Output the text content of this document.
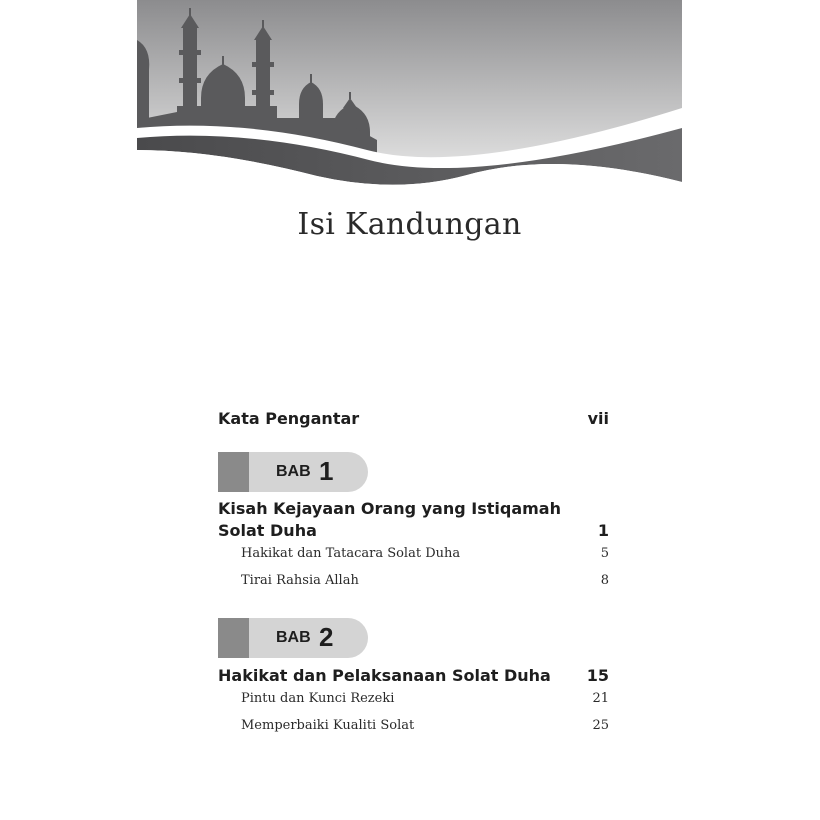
Isi Kandungan
Kata Pengantar	vii
BAB 1
Kisah Kejayaan Orang yang Istiqamah
Solat Duha	1
Hakikat dan Tatacara Solat Duha	5
Tirai Rahsia Allah	8
BAB 2
Hakikat dan Pelaksanaan Solat Duha 15
Pintu dan Kunci Rezeki	21
Memperbaiki Kualiti Solat	25
